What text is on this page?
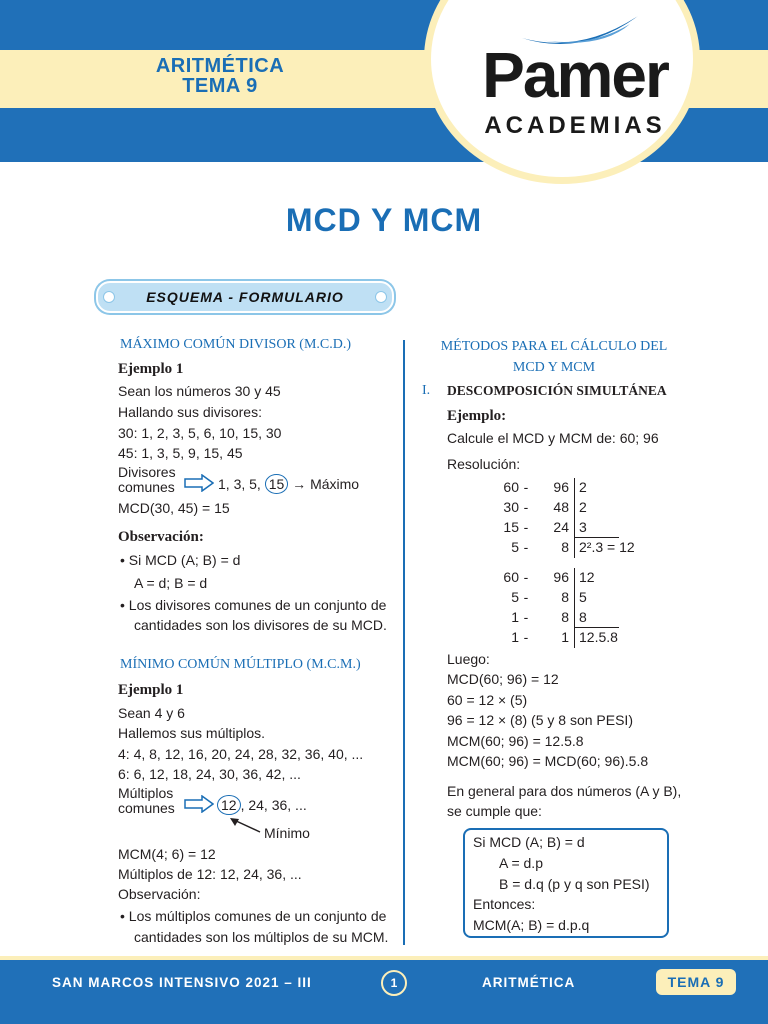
ARITMÉTICA
TEMA 9	Pamer
ACADEMIAS
MCD Y MCM
ESQUEMA - FORMULARIO
MÁXIMO COMÚN DIVISOR (M.C.D.)
Ejemplo 1
Sean los números 30 y 45
Hallando sus divisores:
30: 1, 2, 3, 5, 6, 10, 15, 30
45: 1, 3, 5, 9, 15, 45
Divisores
comunes	1, 3, 5, 15 → Máximo
MCD(30, 45) = 15
Observación:
• Si MCD (A; B) = d
A = d; B = d
• Los divisores comunes de un conjunto de
cantidades son los divisores de su MCD.
MÍNIMO COMÚN MÚLTIPLO (M.C.M.)
Ejemplo 1
Sean 4 y 6
Hallemos sus múltiplos.
4: 4, 8, 12, 16, 20, 24, 28, 32, 36, 40, ...
6: 6, 12, 18, 24, 30, 36, 42, ...
Múltiplos
comunes	12 , 24, 36, ...
Mínimo
MCM(4; 6) = 12
Múltiplos de 12: 12, 24, 36, ...
Observación:
• Los múltiplos comunes de un conjunto de
cantidades son los múltiplos de su MCM.
MÉTODOS PARA EL CÁLCULO DEL
MCD Y MCM
I. DESCOMPOSICIÓN SIMULTÁNEA
Ejemplo:
Calcule el MCD y MCM de: 60; 96
Resolución:
60 -	96 2
30 -	48 2
15 -	24 3
5 -	8 2².3 = 12
60 -	96 12
5 -	8 5
1 -	8 8
1 -	1 12.5.8
Luego:
MCD(60; 96) = 12
60 = 12 × (5)
96 = 12 × (8) (5 y 8 son PESI)
MCM(60; 96) = 12.5.8
MCM(60; 96) = MCD(60; 96).5.8
En general para dos números (A y B),
se cumple que:
Si MCD (A; B) = d
A = d.p
B = d.q (p y q son PESI)
Entonces:
MCM(A; B) = d.p.q
SAN MARCOS INTENSIVO 2021 – III	1	ARITMÉTICA	TEMA 9
